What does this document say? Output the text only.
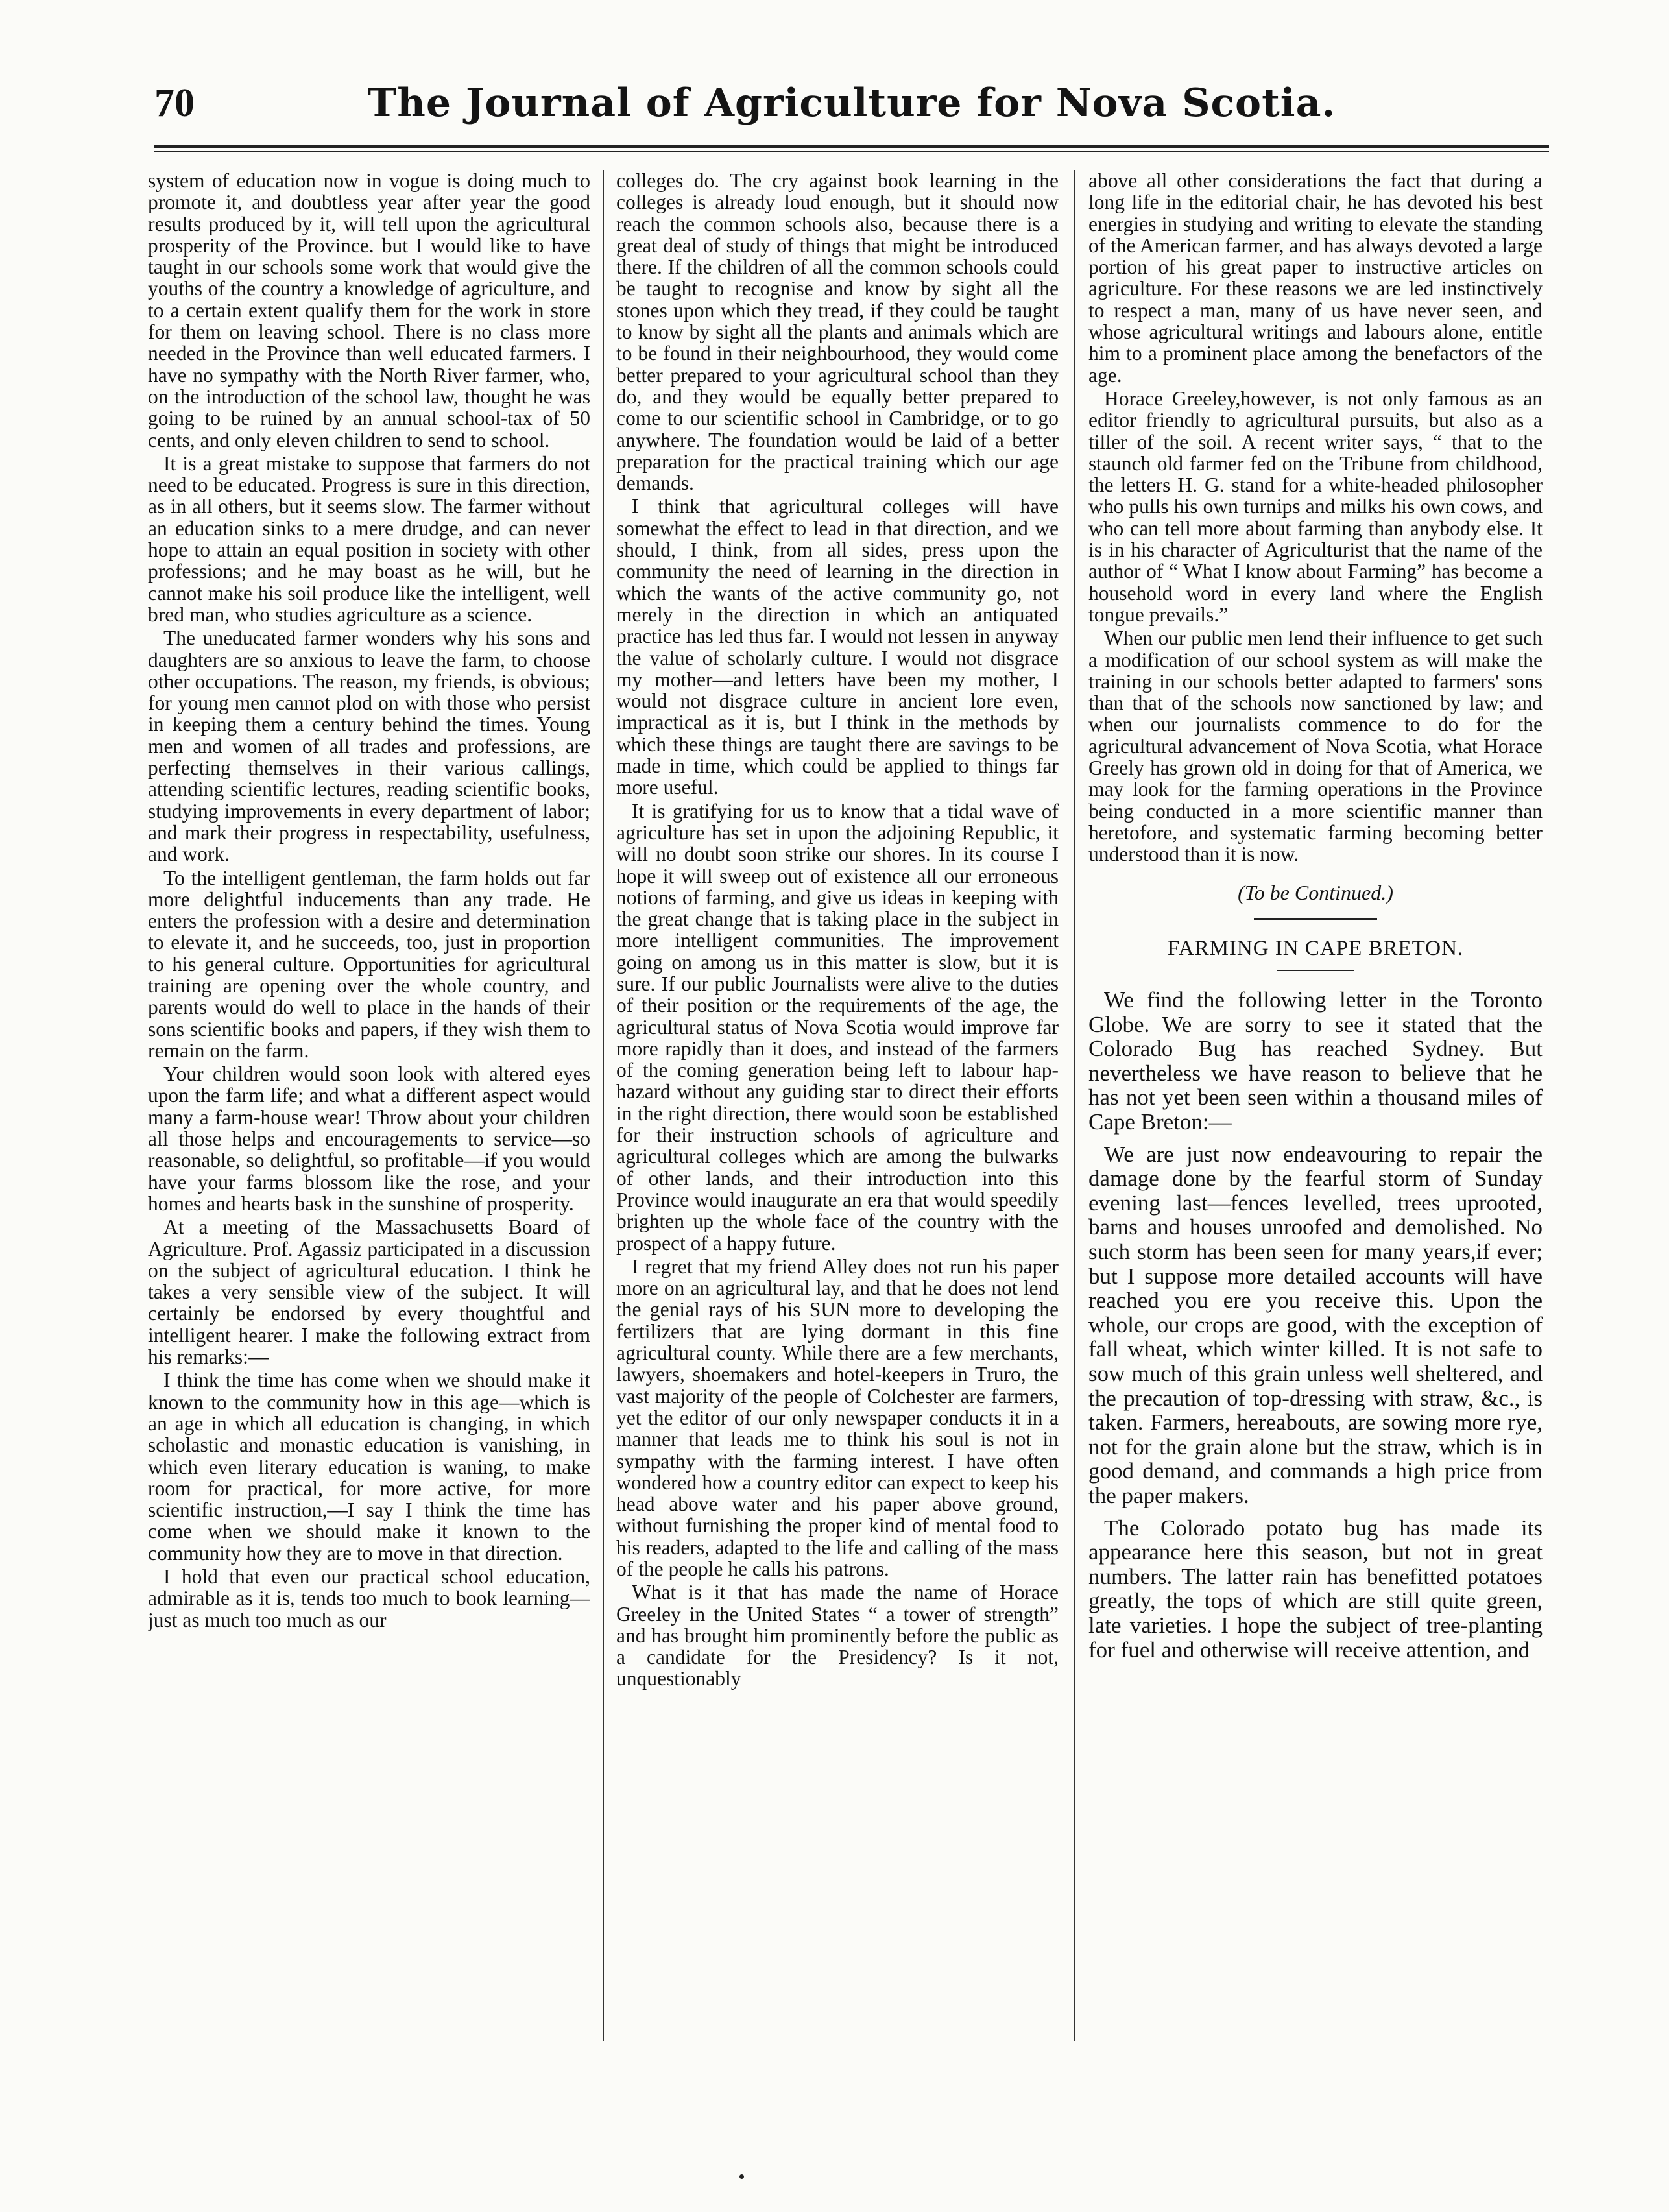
70	The Journal of Agriculture for Nova Scotia.

system of education now in vogue is doing much to promote it, and doubtless year after year the good results produced by it, will tell upon the agricultural prosperity of the Province. but I would like to have taught in our schools some work that would give the youths of the country a knowledge of agriculture, and to a certain extent qualify them for the work in store for them on leaving school. There is no class more needed in the Province than well educated farmers. I have no sympathy with the North River farmer, who, on the introduction of the school law, thought he was going to be ruined by an annual school-tax of 50 cents, and only eleven children to send to school.

It is a great mistake to suppose that farmers do not need to be educated. Progress is sure in this direction, as in all others, but it seems slow. The farmer without an education sinks to a mere drudge, and can never hope to attain an equal position in society with other professions; and he may boast as he will, but he cannot make his soil produce like the intelligent, well bred man, who studies agriculture as a science.

The uneducated farmer wonders why his sons and daughters are so anxious to leave the farm, to choose other occupations. The reason, my friends, is obvious; for young men cannot plod on with those who persist in keeping them a century behind the times. Young men and women of all trades and professions, are perfecting themselves in their various callings, attending scientific lectures, reading scientific books, studying improvements in every department of labor; and mark their progress in respectability, usefulness, and work.

To the intelligent gentleman, the farm holds out far more delightful inducements than any trade. He enters the profession with a desire and determination to elevate it, and he succeeds, too, just in proportion to his general culture. Opportunities for agricultural training are opening over the whole country, and parents would do well to place in the hands of their sons scientific books and papers, if they wish them to remain on the farm.

Your children would soon look with altered eyes upon the farm life; and what a different aspect would many a farm-house wear! Throw about your children all those helps and encouragements to service—so reasonable, so delightful, so profitable—if you would have your farms blossom like the rose, and your homes and hearts bask in the sunshine of prosperity.

At a meeting of the Massachusetts Board of Agriculture. Prof. Agassiz participated in a discussion on the subject of agricultural education. I think he takes a very sensible view of the subject. It will certainly be endorsed by every thoughtful and intelligent hearer. I make the following extract from his remarks:—

I think the time has come when we should make it known to the community how in this age—which is an age in which all education is changing, in which scholastic and monastic education is vanishing, in which even literary education is waning, to make room for practical, for more active, for more scientific instruction,—I say I think the time has come when we should make it known to the community how they are to move in that direction.

I hold that even our practical school education, admirable as it is, tends too much to book learning—just as much too much as our

colleges do. The cry against book learning in the colleges is already loud enough, but it should now reach the common schools also, because there is a great deal of study of things that might be introduced there. If the children of all the common schools could be taught to recognise and know by sight all the stones upon which they tread, if they could be taught to know by sight all the plants and animals which are to be found in their neighbourhood, they would come better prepared to your agricultural school than they do, and they would be equally better prepared to come to our scientific school in Cambridge, or to go anywhere. The foundation would be laid of a better preparation for the practical training which our age demands.

I think that agricultural colleges will have somewhat the effect to lead in that direction, and we should, I think, from all sides, press upon the community the need of learning in the direction in which the wants of the active community go, not merely in the direction in which an antiquated practice has led thus far. I would not lessen in anyway the value of scholarly culture. I would not disgrace my mother—and letters have been my mother, I would not disgrace culture in ancient lore even, impractical as it is, but I think in the methods by which these things are taught there are savings to be made in time, which could be applied to things far more useful.

It is gratifying for us to know that a tidal wave of agriculture has set in upon the adjoining Republic, it will no doubt soon strike our shores. In its course I hope it will sweep out of existence all our erroneous notions of farming, and give us ideas in keeping with the great change that is taking place in the subject in more intelligent communities. The improvement going on among us in this matter is slow, but it is sure. If our public Journalists were alive to the duties of their position or the requirements of the age, the agricultural status of Nova Scotia would improve far more rapidly than it does, and instead of the farmers of the coming generation being left to labour hap-hazard without any guiding star to direct their efforts in the right direction, there would soon be established for their instruction schools of agriculture and agricultural colleges which are among the bulwarks of other lands, and their introduction into this Province would inaugurate an era that would speedily brighten up the whole face of the country with the prospect of a happy future.

I regret that my friend Alley does not run his paper more on an agricultural lay, and that he does not lend the genial rays of his SUN more to developing the fertilizers that are lying dormant in this fine agricultural county. While there are a few merchants, lawyers, shoemakers and hotel-keepers in Truro, the vast majority of the people of Colchester are farmers, yet the editor of our only newspaper conducts it in a manner that leads me to think his soul is not in sympathy with the farming interest. I have often wondered how a country editor can expect to keep his head above water and his paper above ground, without furnishing the proper kind of mental food to his readers, adapted to the life and calling of the mass of the people he calls his patrons.

What is it that has made the name of Horace Greeley in the United States “ a tower of strength” and has brought him prominently before the public as a candidate for the Presidency? Is it not, unquestionably

above all other considerations the fact that during a long life in the editorial chair, he has devoted his best energies in studying and writing to elevate the standing of the American farmer, and has always devoted a large portion of his great paper to instructive articles on agriculture. For these reasons we are led instinctively to respect a man, many of us have never seen, and whose agricultural writings and labours alone, entitle him to a prominent place among the benefactors of the age.

Horace Greeley,however, is not only famous as an editor friendly to agricultural pursuits, but also as a tiller of the soil. A recent writer says, “ that to the staunch old farmer fed on the Tribune from childhood, the letters H. G. stand for a white-headed philosopher who pulls his own turnips and milks his own cows, and who can tell more about farming than anybody else. It is in his character of Agriculturist that the name of the author of “ What I know about Farming” has become a household word in every land where the English tongue prevails.”

When our public men lend their influence to get such a modification of our school system as will make the training in our schools better adapted to farmers' sons than that of the schools now sanctioned by law; and when our journalists commence to do for the agricultural advancement of Nova Scotia, what Horace Greely has grown old in doing for that of America, we may look for the farming operations in the Province being conducted in a more scientific manner than heretofore, and systematic farming becoming better understood than it is now.

(To be Continued.)
FARMING IN CAPE BRETON.

We find the following letter in the Toronto Globe. We are sorry to see it stated that the Colorado Bug has reached Sydney. But nevertheless we have reason to believe that he has not yet been seen within a thousand miles of Cape Breton:—

We are just now endeavouring to repair the damage done by the fearful storm of Sunday evening last—fences levelled, trees uprooted, barns and houses unroofed and demolished. No such storm has been seen for many years,if ever; but I suppose more detailed accounts will have reached you ere you receive this. Upon the whole, our crops are good, with the exception of fall wheat, which winter killed. It is not safe to sow much of this grain unless well sheltered, and the precaution of top-dressing with straw, &c., is taken. Farmers, hereabouts, are sowing more rye, not for the grain alone but the straw, which is in good demand, and commands a high price from the paper makers.

The Colorado potato bug has made its appearance here this season, but not in great numbers. The latter rain has benefitted potatoes greatly, the tops of which are still quite green, late varieties. I hope the subject of tree-planting for fuel and otherwise will receive attention, and
